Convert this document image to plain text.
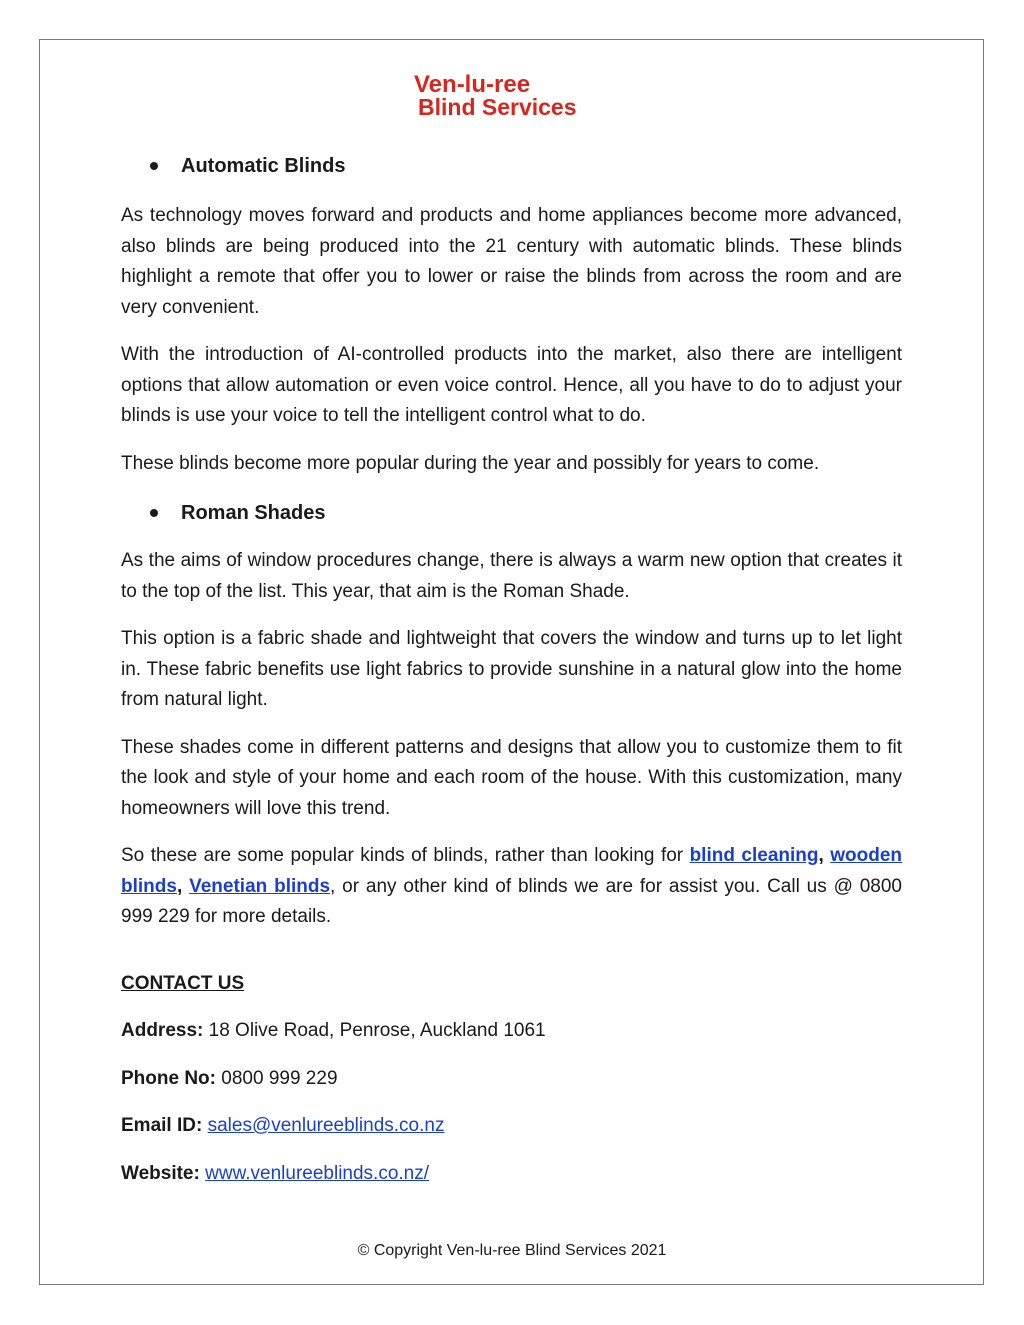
Ven-lu-ree
Blind Services
Automatic Blinds

As technology moves forward and products and home appliances become more advanced, also blinds are being produced into the 21 century with automatic blinds. These blinds highlight a remote that offer you to lower or raise the blinds from across the room and are very convenient.

With the introduction of AI-controlled products into the market, also there are intelligent options that allow automation or even voice control. Hence, all you have to do to adjust your blinds is use your voice to tell the intelligent control what to do.

These blinds become more popular during the year and possibly for years to come.

Roman Shades

As the aims of window procedures change, there is always a warm new option that creates it to the top of the list. This year, that aim is the Roman Shade.

This option is a fabric shade and lightweight that covers the window and turns up to let light in. These fabric benefits use light fabrics to provide sunshine in a natural glow into the home from natural light.

These shades come in different patterns and designs that allow you to customize them to fit the look and style of your home and each room of the house. With this customization, many homeowners will love this trend.

So these are some popular kinds of blinds, rather than looking for blind cleaning, wooden blinds, Venetian blinds, or any other kind of blinds we are for assist you. Call us @ 0800 999 229 for more details.

CONTACT US

Address: 18 Olive Road, Penrose, Auckland 1061

Phone No: 0800 999 229

Email ID: sales@venlureeblinds.co.nz

Website: www.venlureeblinds.co.nz/

© Copyright Ven-lu-ree Blind Services 2021
